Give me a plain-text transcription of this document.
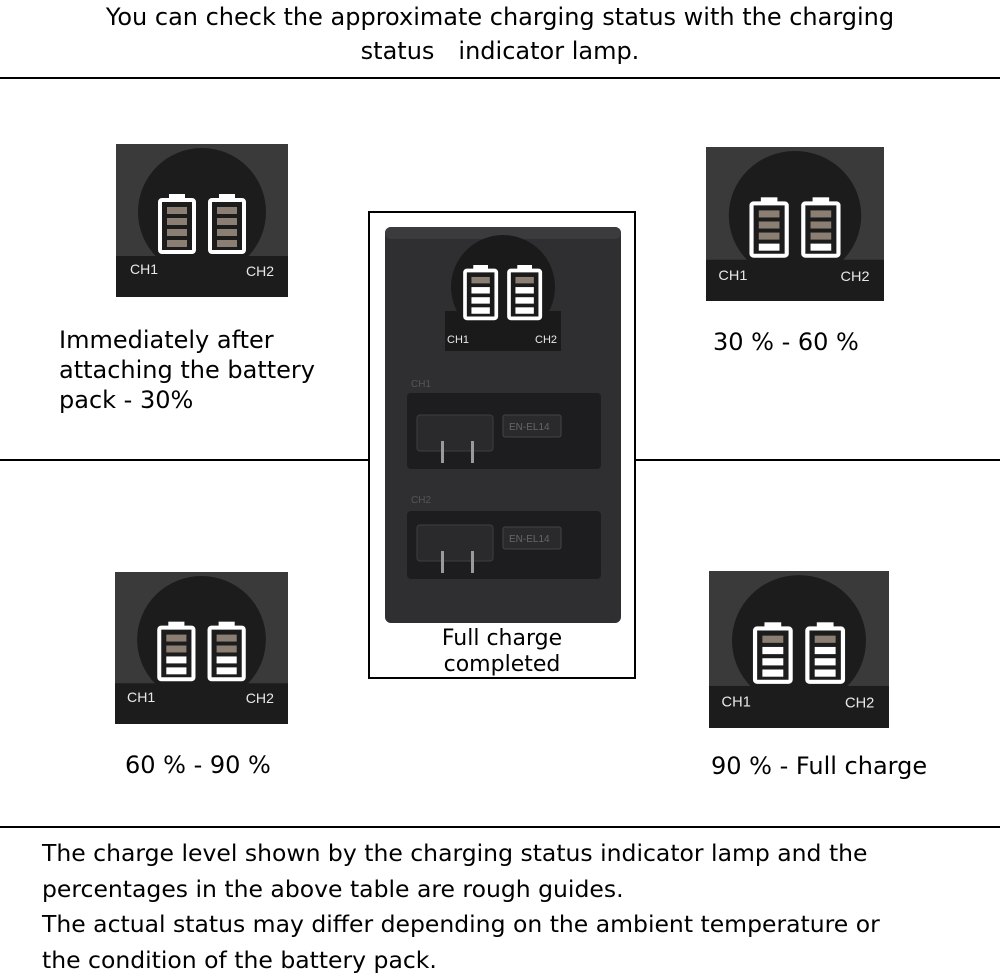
You can check the approximate charging status with the charging
status　indicator lamp.
CH1	CH2
Immediately after
attaching the battery
pack - 30%
CH1	CH2
30 % - 60 %
CH1	CH2
60 % - 90 %
CH1	CH2
90 % - Full charge
CH1	CH2
CH1
EN-EL14
CH2
EN-EL14
Full charge
completed
The charge level shown by the charging status indicator lamp and the
percentages in the above table are rough guides.
The actual status may differ depending on the ambient temperature or
the condition of the battery pack.
